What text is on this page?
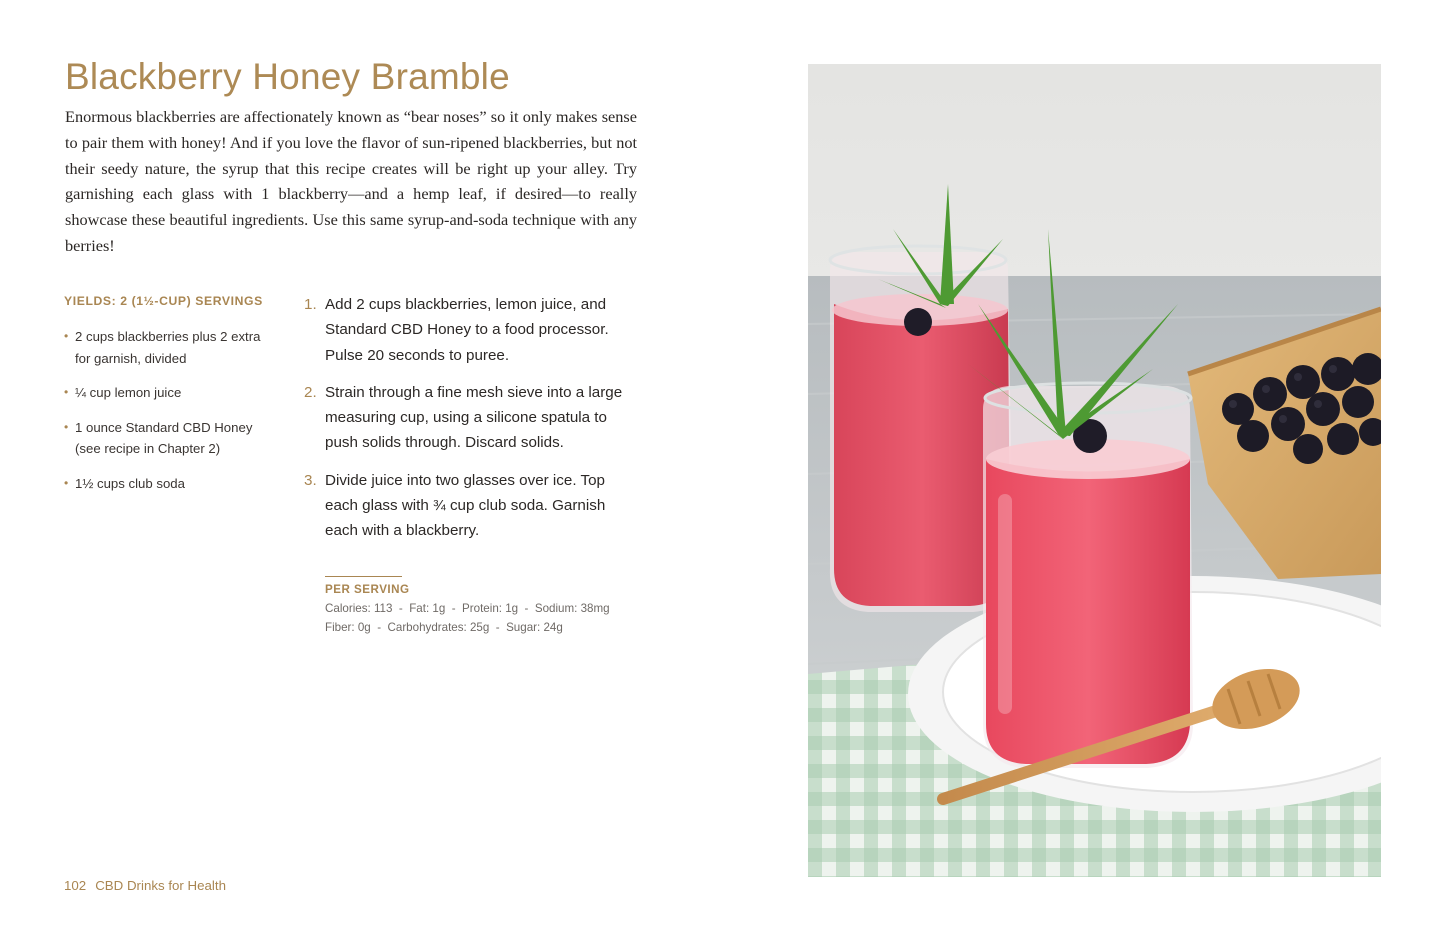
Blackberry Honey Bramble

Enormous blackberries are affectionately known as “bear noses” so it only makes sense to pair them with honey! And if you love the flavor of sun-ripened blackberries, but not their seedy nature, the syrup that this recipe creates will be right up your alley. Try garnishing each glass with 1 blackberry—and a hemp leaf, if desired—to really showcase these beautiful ingredients. Use this same syrup-and-soda technique with any berries!

YIELDS: 2 (1½-CUP) SERVINGS

• 2 cups blackberries plus 2 extra for garnish, divided
• ¼ cup lemon juice
• 1 ounce Standard CBD Honey (see recipe in Chapter 2)
• 1½ cups club soda
1. Add 2 cups blackberries, lemon juice, and Standard CBD Honey to a food processor. Pulse 20 seconds to puree.
2. Strain through a fine mesh sieve into a large measuring cup, using a silicone spatula to push solids through. Discard solids.
3. Divide juice into two glasses over ice. Top each glass with ¾ cup club soda. Garnish each with a blackberry.

PER SERVING

Calories: 113  -  Fat: 1g  -  Protein: 1g  -  Sodium: 38mg

Fiber: 0g  -  Carbohydrates: 25g  -  Sugar: 24g

102 CBD Drinks for Health
